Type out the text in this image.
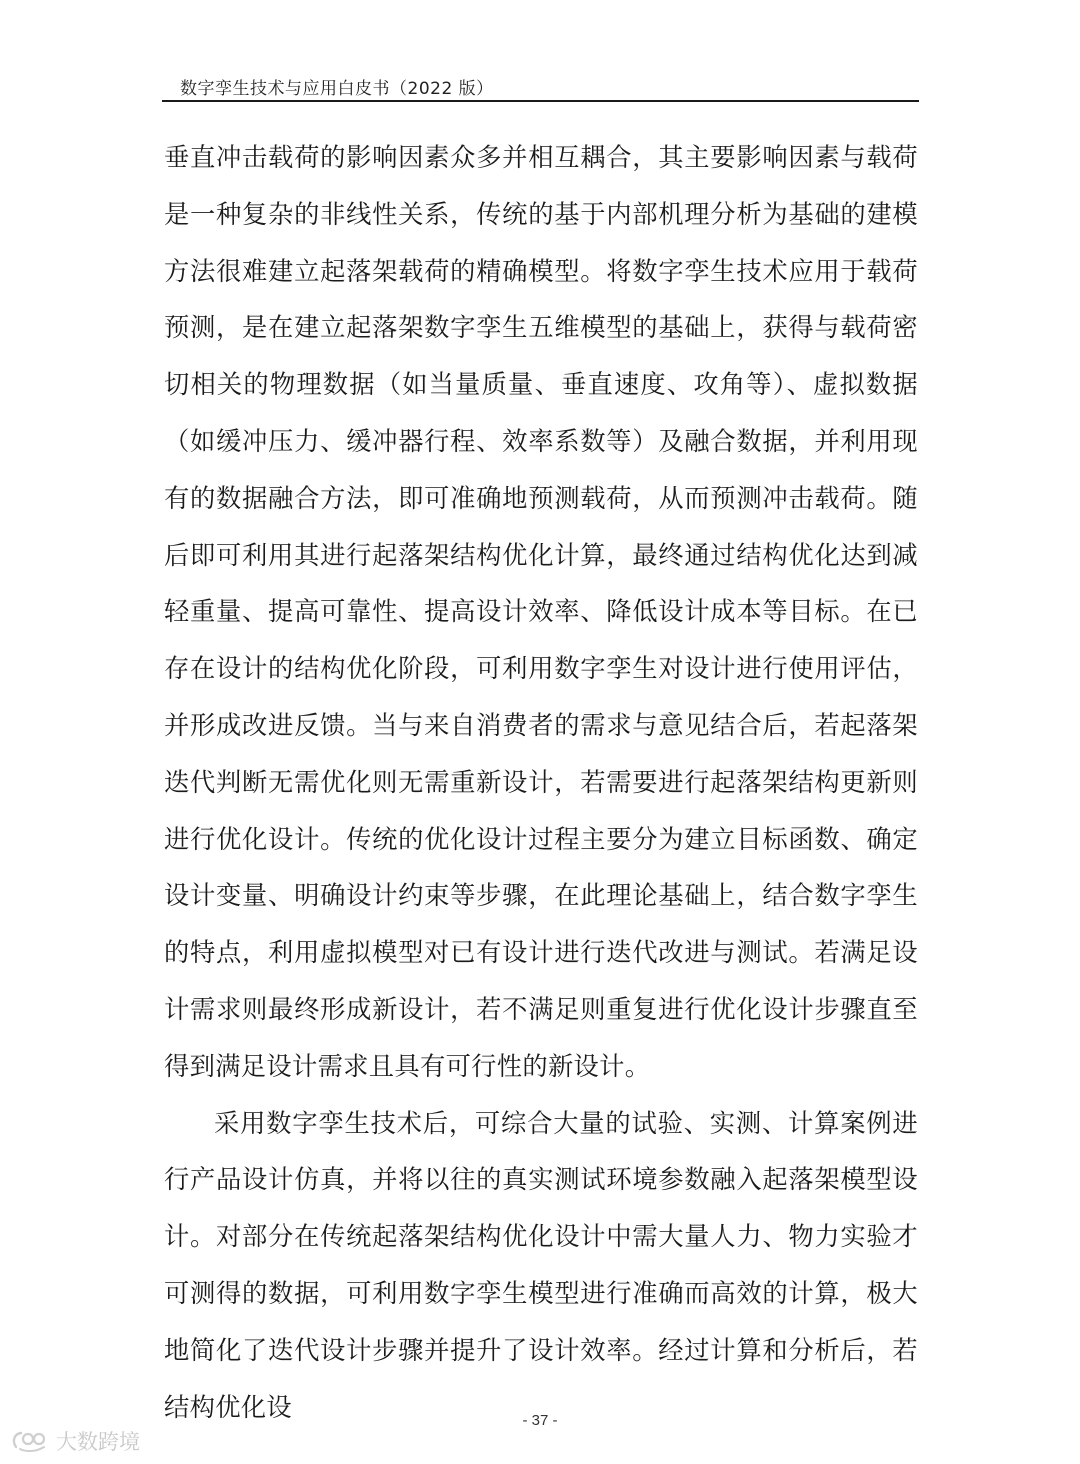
数字孪生技术与应用白皮书（2022 版）

垂直冲击载荷的影响因素众多并相互耦合，其主要影响因素与载荷是一种复杂的非线性关系，传统的基于内部机理分析为基础的建模方法很难建立起落架载荷的精确模型。将数字孪生技术应用于载荷预测，是在建立起落架数字孪生五维模型的基础上，获得与载荷密切相关的物理数据（如当量质量、垂直速度、攻角等）、虚拟数据（如缓冲压力、缓冲器行程、效率系数等）及融合数据，并利用现有的数据融合方法，即可准确地预测载荷，从而预测冲击载荷。随后即可利用其进行起落架结构优化计算，最终通过结构优化达到减轻重量、提高可靠性、提高设计效率、降低设计成本等目标。在已存在设计的结构优化阶段，可利用数字孪生对设计进行使用评估，并形成改进反馈。当与来自消费者的需求与意见结合后，若起落架迭代判断无需优化则无需重新设计，若需要进行起落架结构更新则进行优化设计。传统的优化设计过程主要分为建立目标函数、确定设计变量、明确设计约束等步骤，在此理论基础上，结合数字孪生的特点，利用虚拟模型对已有设计进行迭代改进与测试。若满足设计需求则最终形成新设计，若不满足则重复进行优化设计步骤直至得到满足设计需求且具有可行性的新设计。

采用数字孪生技术后，可综合大量的试验、实测、计算案例进行产品设计仿真，并将以往的真实测试环境参数融入起落架模型设计。对部分在传统起落架结构优化设计中需大量人力、物力实验才可测得的数据，可利用数字孪生模型进行准确而高效的计算，极大地简化了迭代设计步骤并提升了设计效率。经过计算和分析后，若结构优化设	- 37 -
大数跨境
